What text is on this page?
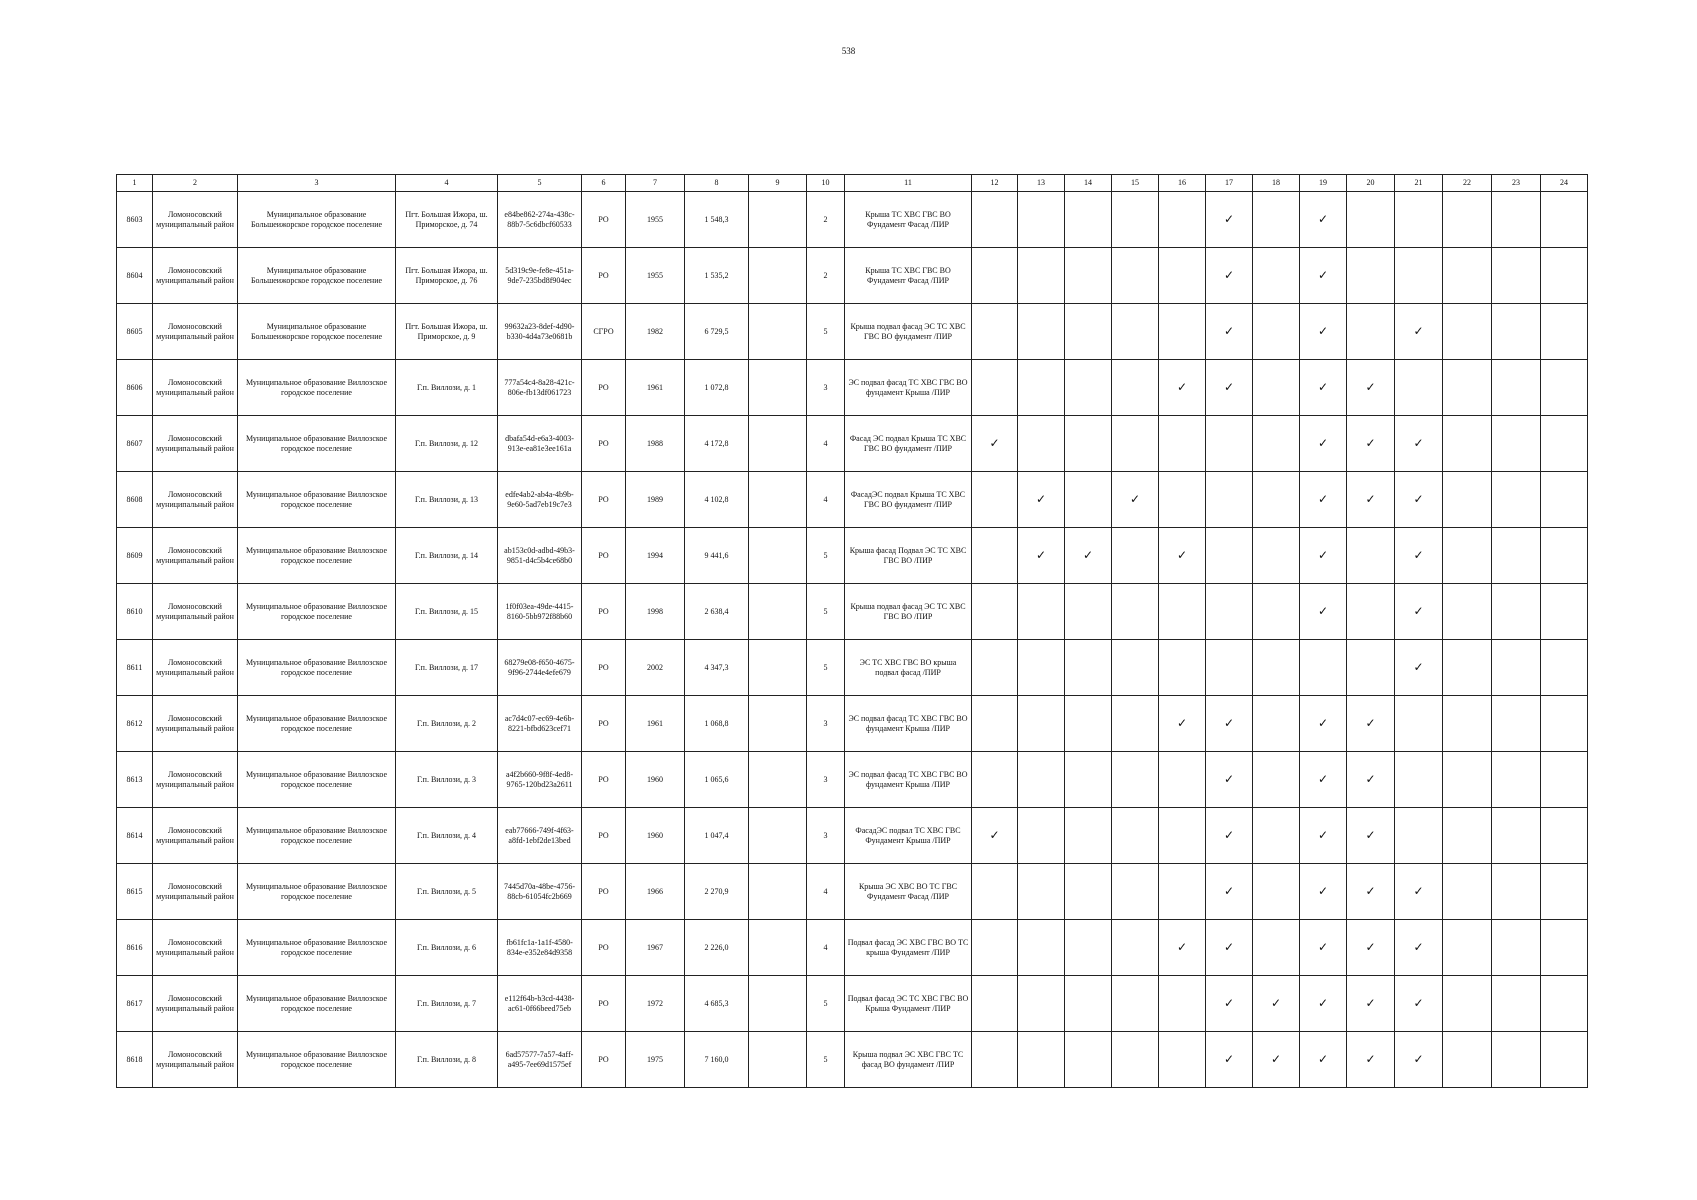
538
1	2	3	4	5	6	7	8	9	10	11	12	13	14	15	16	17	18	19	20	21	22	23	24
8603	Ломоносовский муниципальный район	Муниципальное образование Большеижорское городское поселение	Пгт. Большая Ижора, ш. Приморское, д. 74	e84be862-274a-438c-88b7-5c6dbcf60533	РО	1955	1 548,3		2	Крыша ТС ХВС ГВС ВО Фундамент Фасад /ПИР						✓		✓					
8604	Ломоносовский муниципальный район	Муниципальное образование Большеижорское городское поселение	Пгт. Большая Ижора, ш. Приморское, д. 76	5d319c9e-fe8e-451a-9de7-235bd8f904ec	РО	1955	1 535,2		2	Крыша ТС ХВС ГВС ВО Фундамент Фасад /ПИР						✓		✓					
8605	Ломоносовский муниципальный район	Муниципальное образование Большеижорское городское поселение	Пгт. Большая Ижора, ш. Приморское, д. 9	99632a23-8def-4d90-b330-4d4a73e0681b	СГРО	1982	6 729,5		5	Крыша подвал фасад ЭС ТС ХВС ГВС ВО фундамент /ПИР						✓		✓		✓			
8606	Ломоносовский муниципальный район	Муниципальное образование Виллозское городское поселение	Г.п. Виллози, д. 1	777a54c4-8a28-421c-806e-fb13df061723	РО	1961	1 072,8		3	ЭС подвал фасад ТС ХВС ГВС ВО фундамент Крыша /ПИР					✓	✓		✓	✓				
8607	Ломоносовский муниципальный район	Муниципальное образование Виллозское городское поселение	Г.п. Виллози, д. 12	dbafa54d-e6a3-4003-913e-ea81e3ee161a	РО	1988	4 172,8		4	Фасад ЭС подвал Крыша ТС ХВС ГВС ВО фундамент /ПИР	✓							✓	✓	✓			
8608	Ломоносовский муниципальный район	Муниципальное образование Виллозское городское поселение	Г.п. Виллози, д. 13	edfe4ab2-ab4a-4b9b-9e60-5ad7eb19c7e3	РО	1989	4 102,8		4	ФасадЭС подвал Крыша ТС ХВС ГВС ВО фундамент /ПИР		✓		✓				✓	✓	✓			
8609	Ломоносовский муниципальный район	Муниципальное образование Виллозское городское поселение	Г.п. Виллози, д. 14	ab153c0d-adbd-49b3-9851-d4c5b4ce68b0	РО	1994	9 441,6		5	Крыша фасад Подвал ЭС ТС ХВС ГВС ВО /ПИР		✓	✓		✓			✓		✓			
8610	Ломоносовский муниципальный район	Муниципальное образование Виллозское городское поселение	Г.п. Виллози, д. 15	1f0f03ea-49de-4415-8160-5bb972f88b60	РО	1998	2 638,4		5	Крыша подвал фасад ЭС ТС ХВС ГВС ВО /ПИР								✓		✓			
8611	Ломоносовский муниципальный район	Муниципальное образование Виллозское городское поселение	Г.п. Виллози, д. 17	68279e08-f650-4675-9f96-2744e4efe679	РО	2002	4 347,3		5	ЭС ТС ХВС ГВС ВО крыша подвал фасад /ПИР										✓			
8612	Ломоносовский муниципальный район	Муниципальное образование Виллозское городское поселение	Г.п. Виллози, д. 2	ac7d4c07-ec69-4e6b-8221-bfbd623cef71	РО	1961	1 068,8		3	ЭС подвал фасад ТС ХВС ГВС ВО фундамент Крыша /ПИР					✓	✓		✓	✓				
8613	Ломоносовский муниципальный район	Муниципальное образование Виллозское городское поселение	Г.п. Виллози, д. 3	a4f2b660-9f8f-4ed8-9765-120bd23a2611	РО	1960	1 065,6		3	ЭС подвал фасад ТС ХВС ГВС ВО фундамент Крыша /ПИР						✓		✓	✓				
8614	Ломоносовский муниципальный район	Муниципальное образование Виллозское городское поселение	Г.п. Виллози, д. 4	eab77666-749f-4f63-a8fd-1ebf2de13bed	РО	1960	1 047,4		3	ФасадЭС подвал ТС ХВС ГВС Фундамент Крыша /ПИР	✓					✓		✓	✓				
8615	Ломоносовский муниципальный район	Муниципальное образование Виллозское городское поселение	Г.п. Виллози, д. 5	7445d70a-48be-4756-88cb-61054fc2b669	РО	1966	2 270,9		4	Крыша ЭС ХВС ВО ТС ГВС Фундамент Фасад /ПИР						✓		✓	✓	✓			
8616	Ломоносовский муниципальный район	Муниципальное образование Виллозское городское поселение	Г.п. Виллози, д. 6	fb61fc1a-1a1f-4580-834e-e352e84d9358	РО	1967	2 226,0		4	Подвал фасад ЭС ХВС ГВС ВО ТС крыша Фундамент /ПИР					✓	✓		✓	✓	✓			
8617	Ломоносовский муниципальный район	Муниципальное образование Виллозское городское поселение	Г.п. Виллози, д. 7	e112f64b-b3cd-4438-ac61-0f66beed75eb	РО	1972	4 685,3		5	Подвал фасад ЭС ТС ХВС ГВС ВО Крыша Фундамент /ПИР						✓	✓	✓	✓	✓			
8618	Ломоносовский муниципальный район	Муниципальное образование Виллозское городское поселение	Г.п. Виллози, д. 8	6ad57577-7a57-4aff-a495-7ee69d1575ef	РО	1975	7 160,0		5	Крыша подвал ЭС ХВС ГВС ТС фасад ВО фундамент /ПИР						✓	✓	✓	✓	✓			
